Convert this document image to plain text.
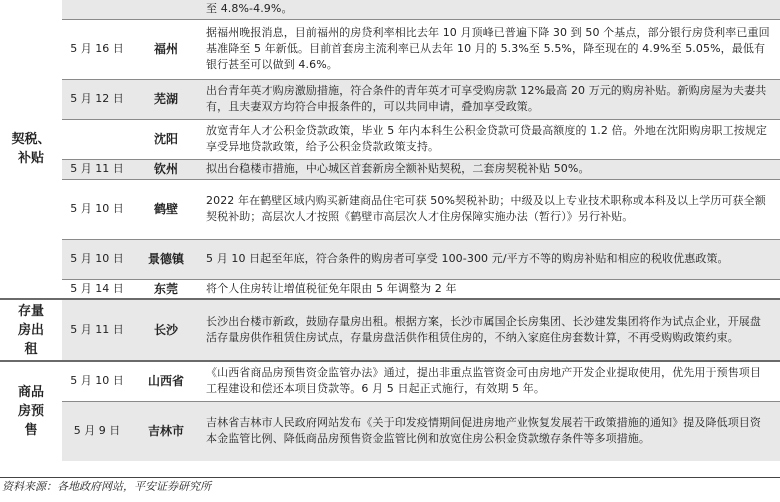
契税、补贴			至 4.8%-4.9%。
	5 月 16 日	福州	据福州晚报消息，目前福州的房贷利率相比去年 10 月顶峰已普遍下降 30 到 50 个基点，部分银行房贷利率已重回基准降至 5 年新低。目前首套房主流利率已从去年 10 月的 5.3%至 5.5%，降至现在的 4.9%至 5.05%，最低有银行甚至可以做到 4.6%。
	5 月 12 日	芜湖	出台青年英才购房激励措施，符合条件的青年英才可享受购房款 12%最高 20 万元的购房补贴。新购房屋为夫妻共有，且夫妻双方均符合申报条件的，可以共同申请，叠加享受政策。
		沈阳	放宽青年人才公积金贷款政策，毕业 5 年内本科生公积金贷款可贷最高额度的 1.2 倍。外地在沈阳购房职工按规定享受异地贷款政策，给予公积金贷款政策支持。
	5 月 11 日	钦州	拟出台稳楼市措施，中心城区首套新房全额补贴契税，二套房契税补贴 50%。
	5 月 10 日	鹤壁	2022 年在鹤壁区域内购买新建商品住宅可获 50%契税补助；中级及以上专业技术职称或本科及以上学历可获全额契税补助；高层次人才按照《鹤壁市高层次人才住房保障实施办法（暂行）》另行补贴。
	5 月 10 日	景德镇	5 月 10 日起至年底，符合条件的购房者可享受 100-300 元/平方不等的购房补贴和相应的税收优惠政策。
	5 月 14 日	东莞	将个人住房转让增值税征免年限由 5 年调整为 2 年

存量房出租	5 月 11 日	长沙	长沙出台楼市新政，鼓励存量房出租。根据方案，长沙市属国企长房集团、长沙建发集团将作为试点企业，开展盘活存量房供作租赁住房试点，存量房盘活供作租赁住房的，不纳入家庭住房套数计算，不再受购购政策约束。

商品房预售	5 月 10 日	山西省	《山西省商品房预售资金监管办法》通过，提出非重点监管资金可由房地产开发企业提取使用，优先用于预售项目工程建设和偿还本项目贷款等。6 月 5 日起正式施行，有效期 5 年。
	5 月 9 日	吉林市	吉林省吉林市人民政府网站发布《关于印发疫情期间促进房地产业恢复发展若干政策措施的通知》提及降低项目资本金监管比例、降低商品房预售资金监管比例和放宽住房公积金贷款缴存条件等多项措施。
资料来源：各地政府网站，平安证券研究所
